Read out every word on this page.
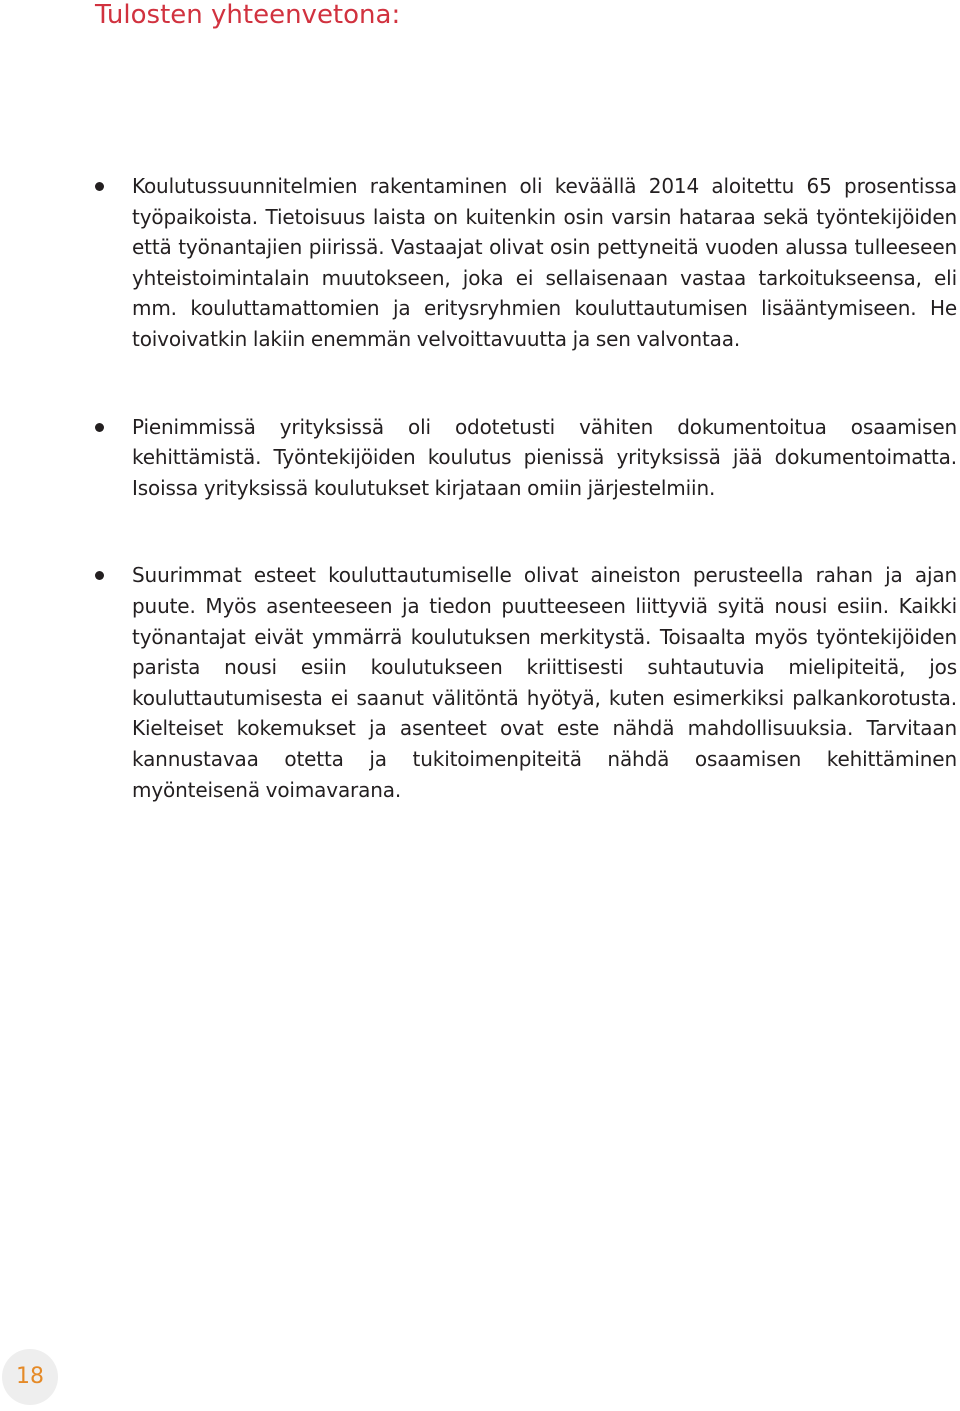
Tulosten yhteenvetona:
Koulutussuunnitelmien rakentaminen oli keväällä 2014 aloitettu 65 prosentissa työpaikoista. Tietoisuus laista on kuitenkin osin varsin hataraa sekä työntekijöiden että työnantajien piirissä. Vastaajat olivat osin pettyneitä vuoden alussa tulleeseen yhteistoimintalain muutokseen, joka ei sellaisenaan vastaa tarkoitukseensa, eli mm. kouluttamattomien ja eritysryhmien kouluttautumisen lisääntymiseen. He toivoivatkin lakiin enemmän velvoittavuutta ja sen valvontaa.
Pienimmissä yrityksissä oli odotetusti vähiten dokumentoitua osaamisen kehittämistä. Työntekijöiden koulutus pienissä yrityksissä jää dokumentoimatta. Isoissa yrityksissä koulutukset kirjataan omiin järjestelmiin.
Suurimmat esteet kouluttautumiselle olivat aineiston perusteella rahan ja ajan puute. Myös asenteeseen ja tiedon puutteeseen liittyviä syitä nousi esiin. Kaikki työnantajat eivät ymmärrä koulutuksen merkitystä. Toisaalta myös työntekijöiden parista nousi esiin koulutukseen kriittisesti suhtautuvia mielipiteitä, jos kouluttautumisesta ei saanut välitöntä hyötyä, kuten esimerkiksi palkankorotusta. Kielteiset kokemukset ja asenteet ovat este nähdä mahdollisuuksia. Tarvitaan kannustavaa otetta ja tukitoimenpiteitä nähdä osaamisen kehittäminen myönteisenä voimavarana.
18
